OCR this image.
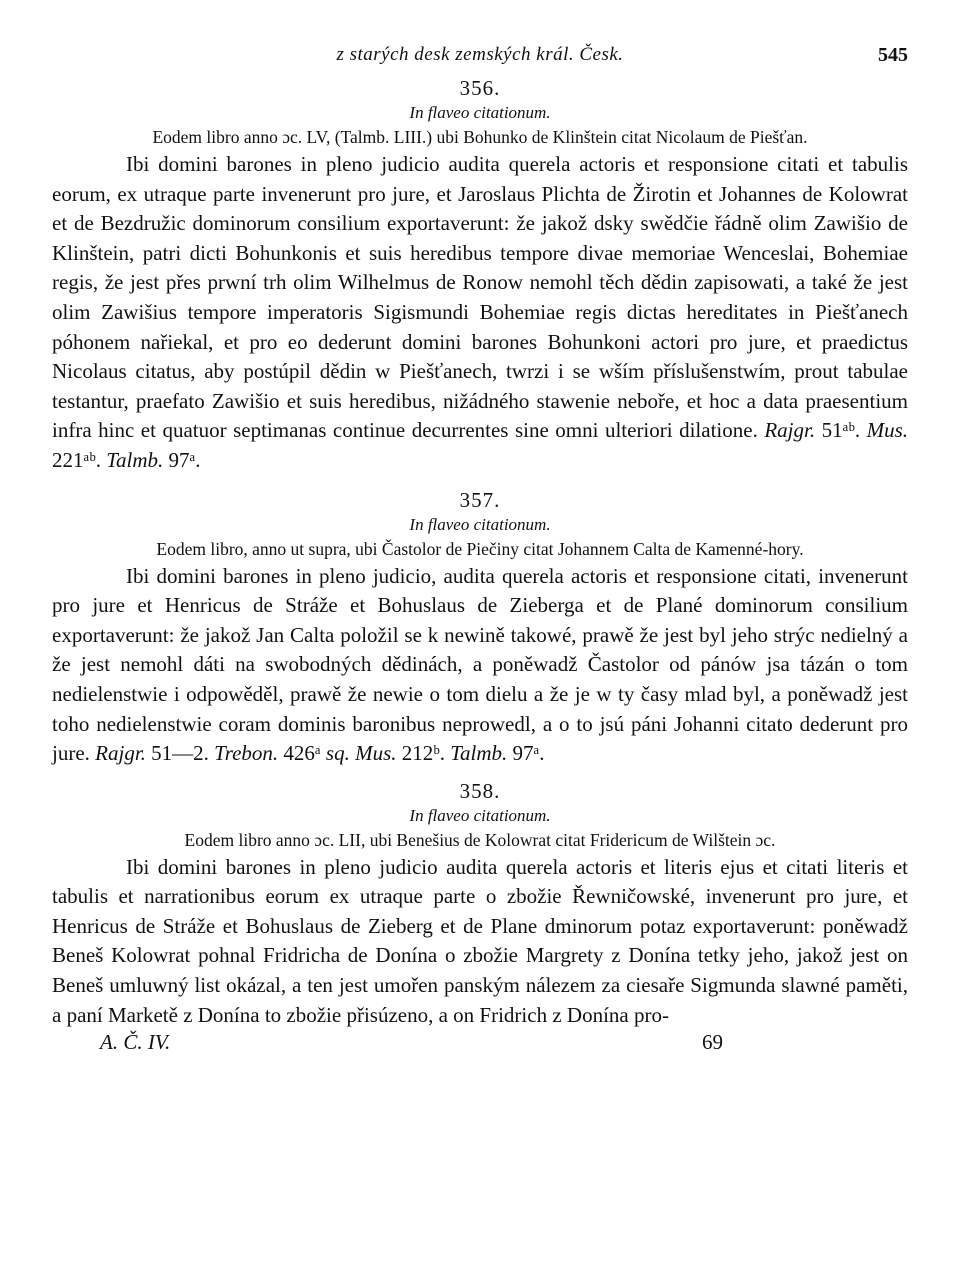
z starých desk zemských král. Česk.	545
356.
In flaveo citationum.
Eodem libro anno ɔc. LV, (Talmb. LIII.) ubi Bohunko de Klinštein citat Nicolaum de Piešťan.

Ibi domini barones in pleno judicio audita querela actoris et responsione citati et tabulis eorum, ex utraque parte invenerunt pro jure, et Jaroslaus Plichta de Žirotin et Johannes de Kolowrat et de Bezdružic dominorum consilium exportaverunt: že jakož dsky swědčie řádně olim Zawišio de Klinštein, patri dicti Bohunkonis et suis heredibus tempore divae memoriae Wenceslai, Bohemiae regis, že jest přes prwní trh olim Wilhelmus de Ronow nemohl těch dědin zapisowati, a také že jest olim Zawišius tempore imperatoris Sigismundi Bohemiae regis dictas hereditates in Piešťanech póhonem nařiekal, et pro eo dederunt domini barones Bohunkoni actori pro jure, et praedictus Nicolaus citatus, aby postúpil dědin w Piešťanech, twrzi i se wším příslušenstwím, prout tabulae testantur, praefato Zawišio et suis heredibus, nižádného stawenie neboře, et hoc a data praesentium infra hinc et quatuor septimanas continue decurrentes sine omni ulteriori dilatione. Rajgr. 51ᵃᵇ. Mus. 221ᵃᵇ. Talmb. 97ᵃ.

357.
In flaveo citationum.
Eodem libro, anno ut supra, ubi Častolor de Piečiny citat Johannem Calta de Kamenné-hory.

Ibi domini barones in pleno judicio, audita querela actoris et responsione citati, invenerunt pro jure et Henricus de Stráže et Bohuslaus de Zieberga et de Plané dominorum consilium exportaverunt: že jakož Jan Calta položil se k newině takowé, prawě že jest byl jeho strýc nedielný a že jest nemohl dáti na swobodných dědinách, a poněwadž Častolor od pánów jsa tázán o tom nedielenstwie i odpowěděl, prawě že newie o tom dielu a že je w ty časy mlad byl, a poněwadž jest toho nedielenstwie coram dominis baronibus neprowedl, a o to jsú páni Johanni citato dederunt pro jure. Rajgr. 51—2. Trebon. 426ᵃ sq. Mus. 212ᵇ. Talmb. 97ᵃ.

358.
In flaveo citationum.
Eodem libro anno ɔc. LII, ubi Benešius de Kolowrat citat Fridericum de Wilštein ɔc.

Ibi domini barones in pleno judicio audita querela actoris et literis ejus et citati literis et tabulis et narrationibus eorum ex utraque parte o zbožie Řewničowské, invenerunt pro jure, et Henricus de Stráže et Bohuslaus de Zieberg et de Plane dminorum potaz exportaverunt: poněwadž Beneš Kolowrat pohnal Fridricha de Donína o zbožie Margrety z Donína tetky jeho, jakož jest on Beneš umluwný list okázal, a ten jest umořen panským nálezem za ciesaře Sigmunda slawné paměti, a paní Marketě z Donína to zbožie přisúzeno, a on Fridrich z Donína pro-

A. Č. IV.	69
